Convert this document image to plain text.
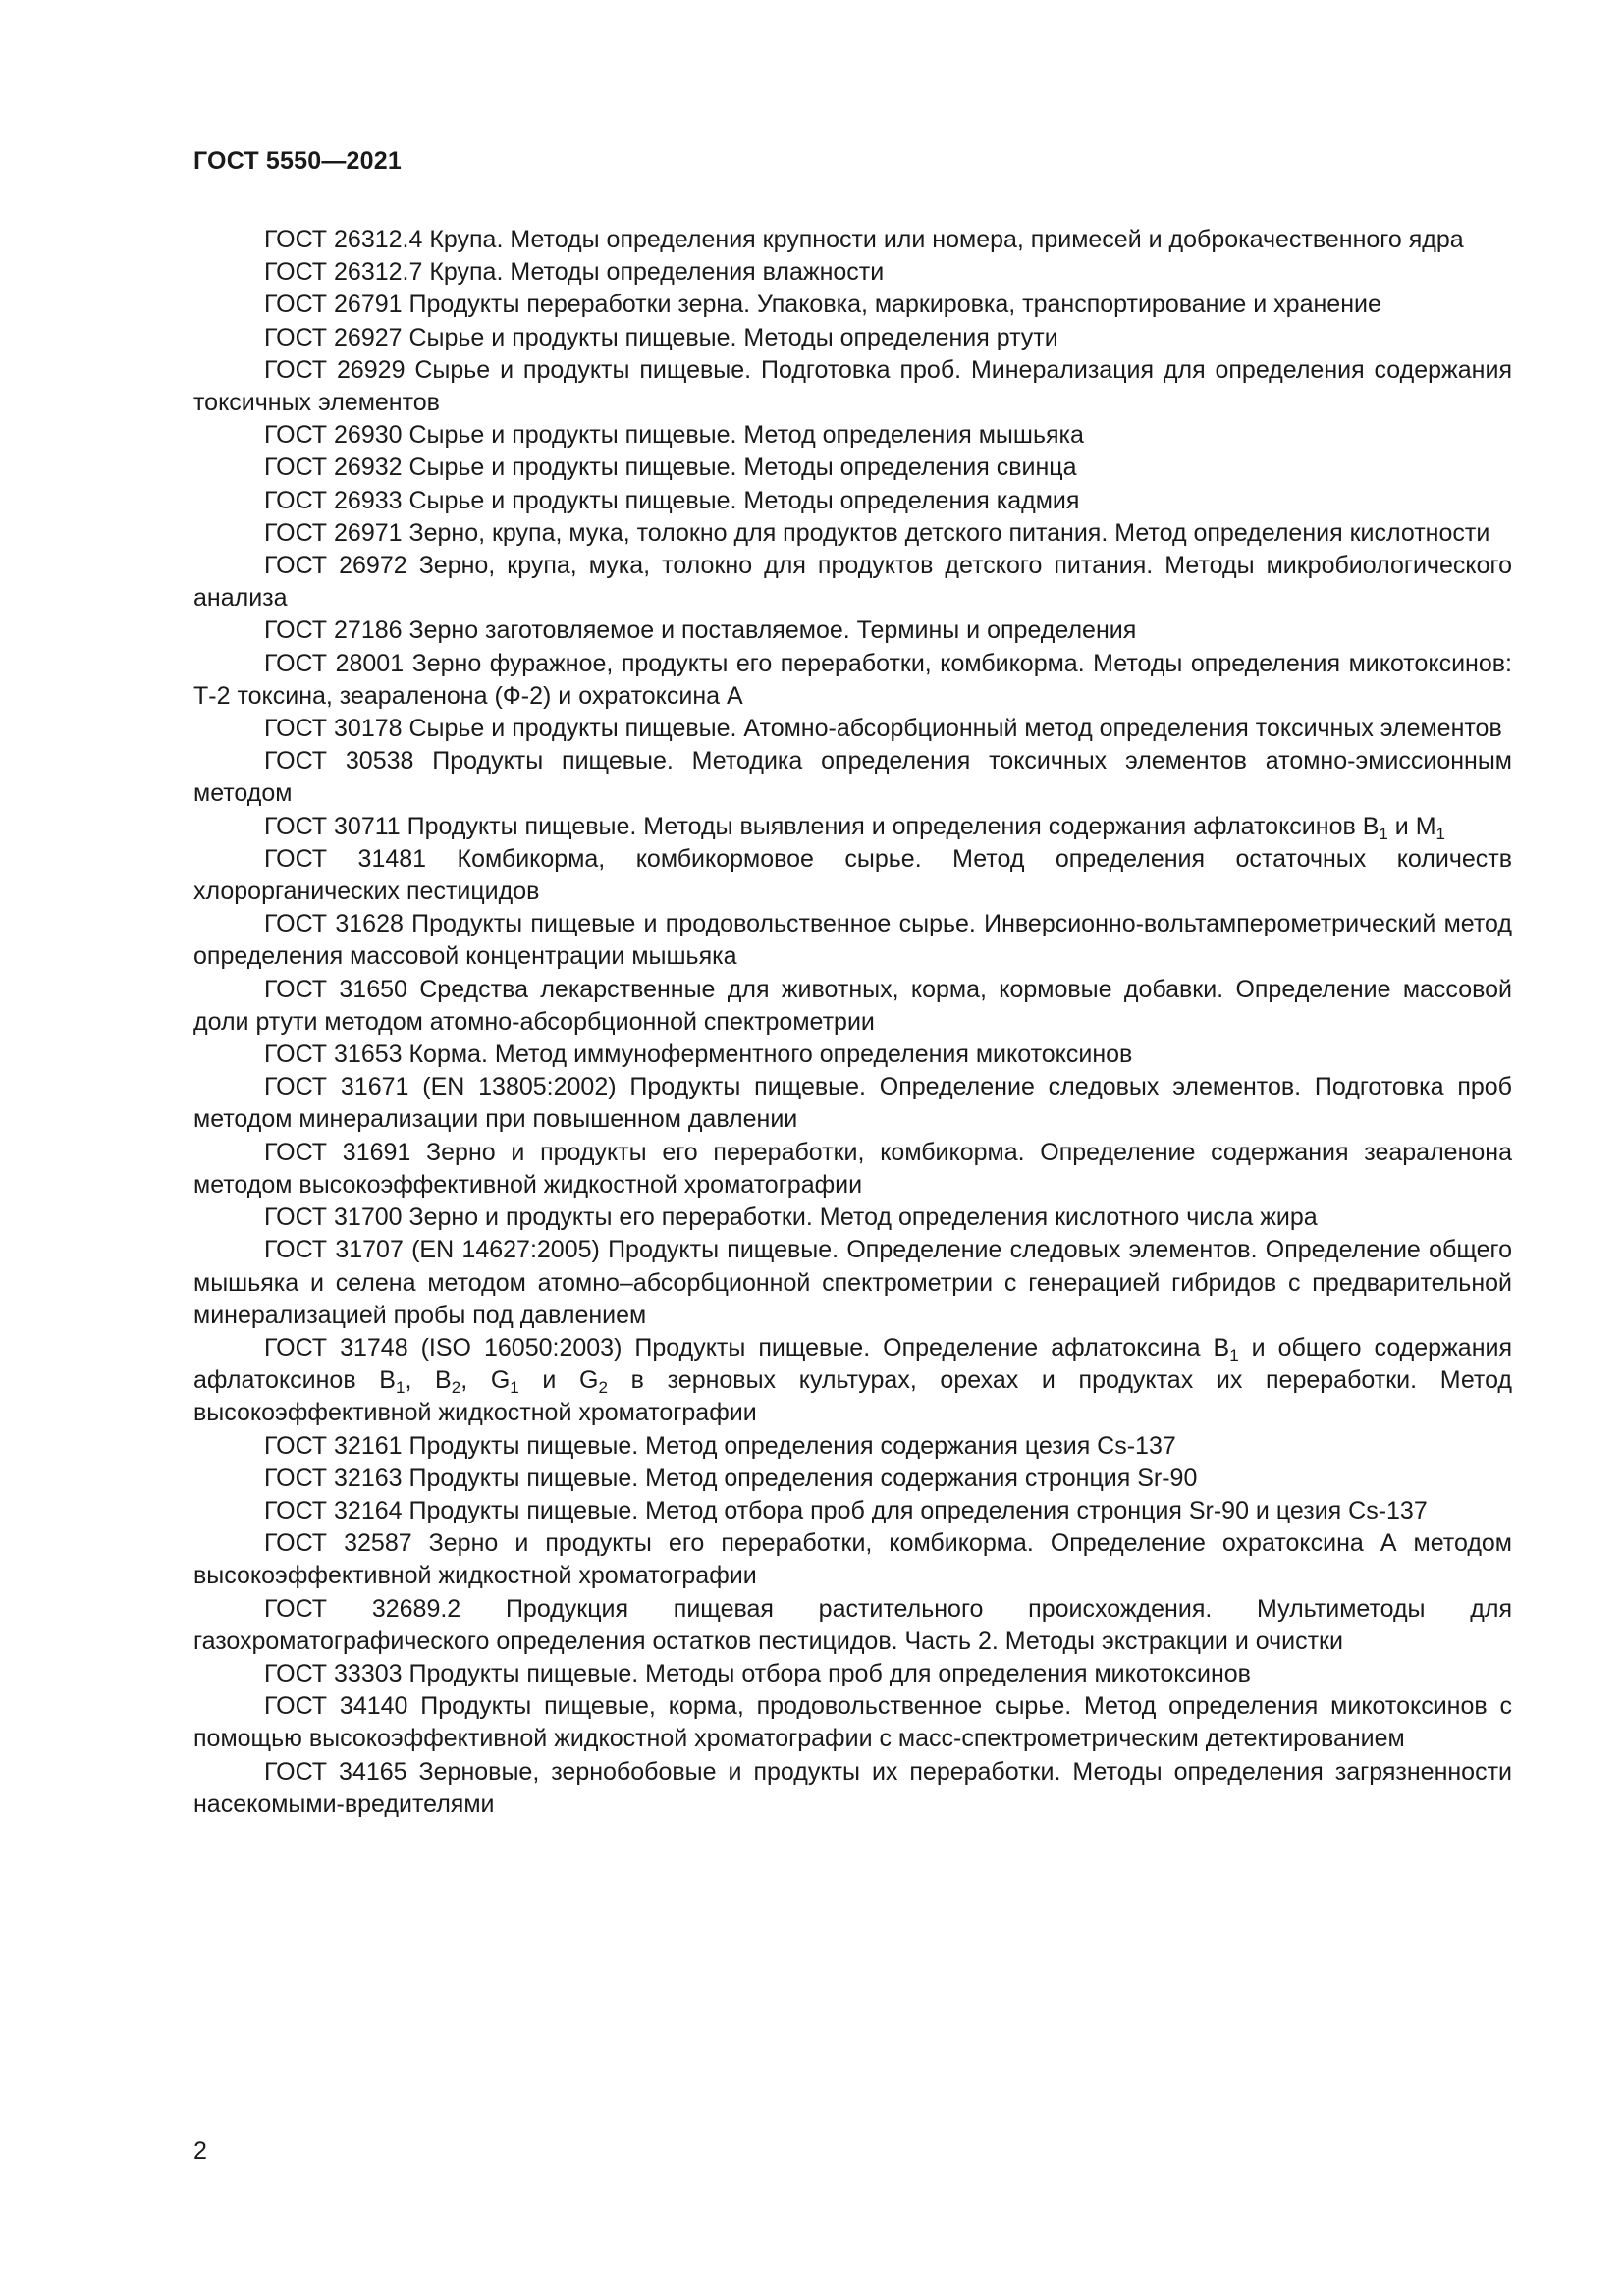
ГОСТ 5550—2021

ГОСТ 26312.4 Крупа. Методы определения крупности или номера, примесей и доброкачественного ядра

ГОСТ 26312.7 Крупа. Методы определения влажности

ГОСТ 26791 Продукты переработки зерна. Упаковка, маркировка, транспортирование и хранение

ГОСТ 26927 Сырье и продукты пищевые. Методы определения ртути

ГОСТ 26929 Сырье и продукты пищевые. Подготовка проб. Минерализация для определения содержания токсичных элементов

ГОСТ 26930 Сырье и продукты пищевые. Метод определения мышьяка

ГОСТ 26932 Сырье и продукты пищевые. Методы определения свинца

ГОСТ 26933 Сырье и продукты пищевые. Методы определения кадмия

ГОСТ 26971 Зерно, крупа, мука, толокно для продуктов детского питания. Метод определения кислотности

ГОСТ 26972 Зерно, крупа, мука, толокно для продуктов детского питания. Методы микробиологического анализа

ГОСТ 27186 Зерно заготовляемое и поставляемое. Термины и определения

ГОСТ 28001 Зерно фуражное, продукты его переработки, комбикорма. Методы определения микотоксинов: Т-2 токсина, зеараленона (Ф-2) и охратоксина А

ГОСТ 30178 Сырье и продукты пищевые. Атомно-абсорбционный метод определения токсичных элементов

ГОСТ 30538 Продукты пищевые. Методика определения токсичных элементов атомно-эмиссионным методом

ГОСТ 30711 Продукты пищевые. Методы выявления и определения содержания афлатоксинов $B_1$ и $M_1$

ГОСТ 31481 Комбикорма, комбикормовое сырье. Метод определения остаточных количеств хлорорганических пестицидов

ГОСТ 31628 Продукты пищевые и продовольственное сырье. Инверсионно-вольтамперометрический метод определения массовой концентрации мышьяка

ГОСТ 31650 Средства лекарственные для животных, корма, кормовые добавки. Определение массовой доли ртути методом атомно-абсорбционной спектрометрии

ГОСТ 31653 Корма. Метод иммуноферментного определения микотоксинов

ГОСТ 31671 (EN 13805:2002) Продукты пищевые. Определение следовых элементов. Подготовка проб методом минерализации при повышенном давлении

ГОСТ 31691 Зерно и продукты его переработки, комбикорма. Определение содержания зеараленона методом высокоэффективной жидкостной хроматографии

ГОСТ 31700 Зерно и продукты его переработки. Метод определения кислотного числа жира

ГОСТ 31707 (EN 14627:2005) Продукты пищевые. Определение следовых элементов. Определение общего мышьяка и селена методом атомно–абсорбционной спектрометрии с генерацией гибридов с предварительной минерализацией пробы под давлением

ГОСТ 31748 (ISO 16050:2003) Продукты пищевые. Определение афлатоксина $B_1$ и общего содержания афлатоксинов $B_1$, $B_2$, $G_1$ и $G_2$ в зерновых культурах, орехах и продуктах их переработки. Метод высокоэффективной жидкостной хроматографии

ГОСТ 32161 Продукты пищевые. Метод определения содержания цезия Cs-137

ГОСТ 32163 Продукты пищевые. Метод определения содержания стронция Sr-90

ГОСТ 32164 Продукты пищевые. Метод отбора проб для определения стронция Sr-90 и цезия Cs-137

ГОСТ 32587 Зерно и продукты его переработки, комбикорма. Определение охратоксина А методом высокоэффективной жидкостной хроматографии

ГОСТ 32689.2 Продукция пищевая растительного происхождения. Мультиметоды для газохроматографического определения остатков пестицидов. Часть 2. Методы экстракции и очистки

ГОСТ 33303 Продукты пищевые. Методы отбора проб для определения микотоксинов

ГОСТ 34140 Продукты пищевые, корма, продовольственное сырье. Метод определения микотоксинов с помощью высокоэффективной жидкостной хроматографии с масс-спектрометрическим детектированием

ГОСТ 34165 Зерновые, зернобобовые и продукты их переработки. Методы определения загрязненности насекомыми-вредителями

2
